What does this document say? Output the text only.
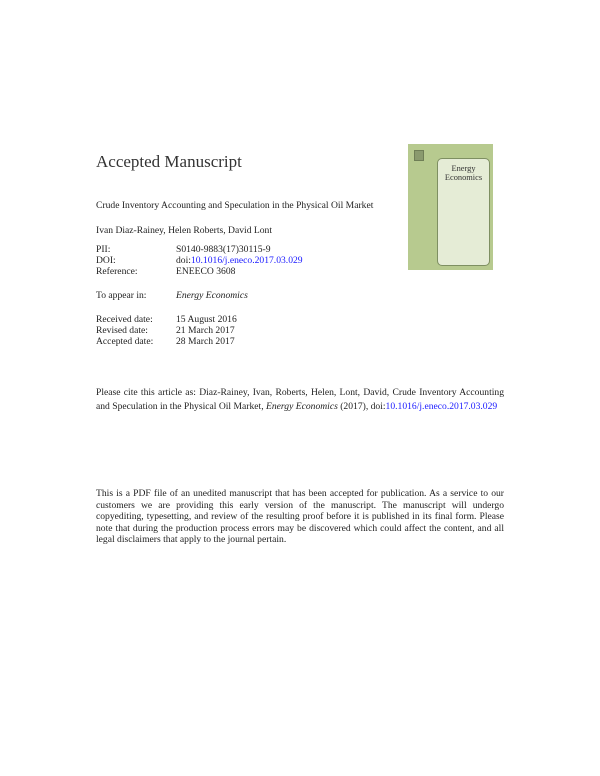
Accepted Manuscript
Crude Inventory Accounting and Speculation in the Physical Oil Market
Ivan Diaz-Rainey, Helen Roberts, David Lont
Energy Economics
PII:	S0140-9883(17)30115-9
DOI:	doi:10.1016/j.eneco.2017.03.029
Reference:	ENEECO 3608
To appear in:	Energy Economics
Received date: 15 August 2016
Revised date:	21 March 2017
Accepted date: 28 March 2017
Please cite this article as: Diaz-Rainey, Ivan, Roberts, Helen, Lont, David, Crude Inventory Accounting and Speculation in the Physical Oil Market, Energy Economics (2017), doi:10.1016/j.eneco.2017.03.029
This is a PDF file of an unedited manuscript that has been accepted for publication. As a service to our customers we are providing this early version of the manuscript. The manuscript will undergo copyediting, typesetting, and review of the resulting proof before it is published in its final form. Please note that during the production process errors may be discovered which could affect the content, and all legal disclaimers that apply to the journal pertain.
